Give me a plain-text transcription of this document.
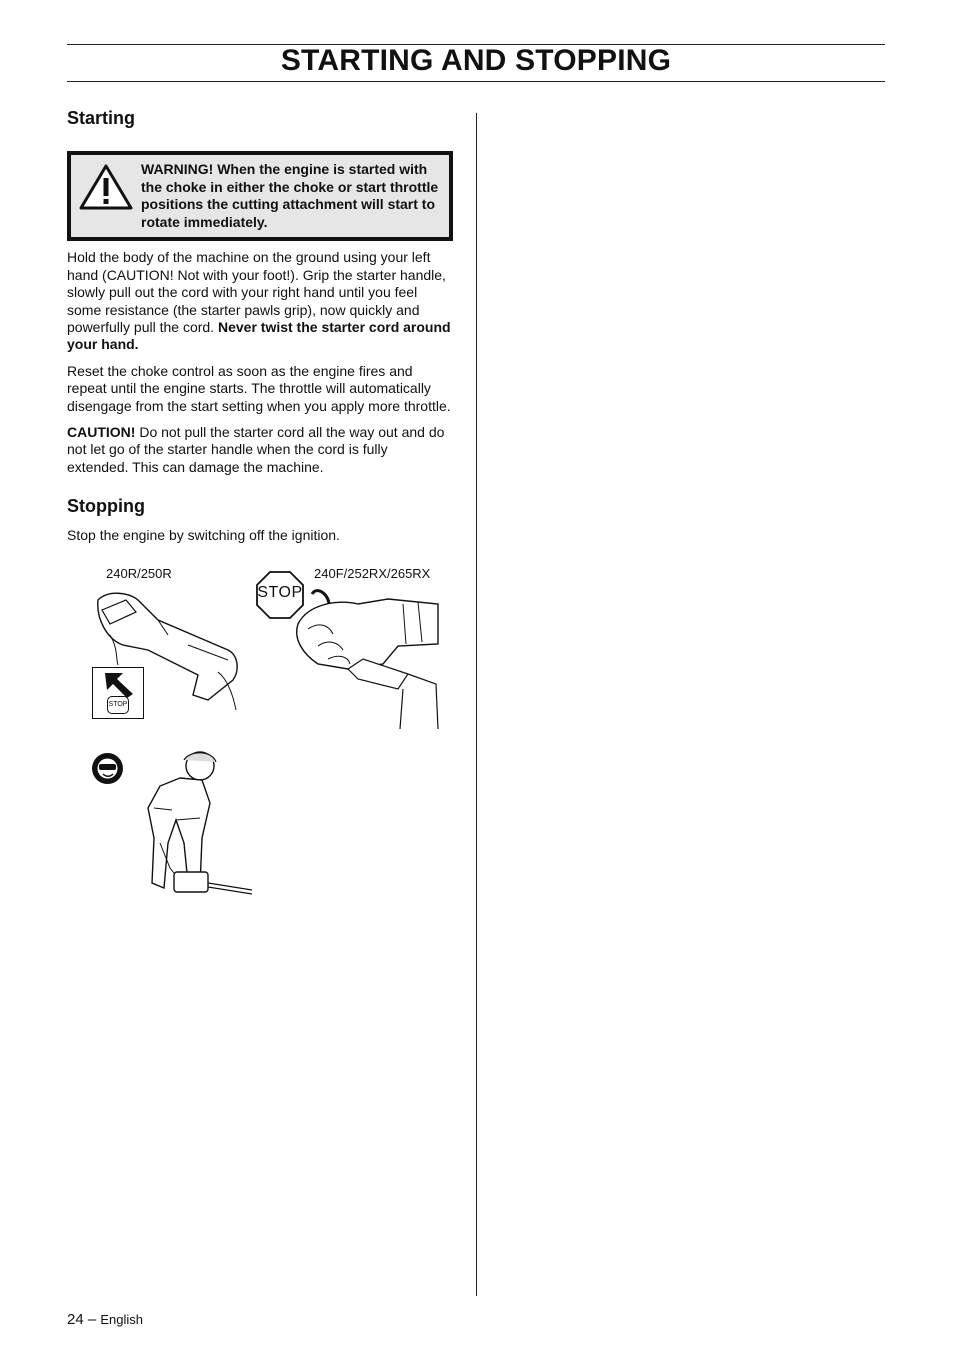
STARTING AND STOPPING
Starting
WARNING! When the engine is started with the choke in either the choke or start throttle positions the cutting attachment will start to rotate immediately.

Hold the body of the machine on the ground using your left hand (CAUTION! Not with your foot!). Grip the starter handle, slowly pull out the cord with your right hand until you feel some resistance (the starter pawls grip), now quickly and powerfully pull the cord. Never twist the starter cord around your hand.

Reset the choke control as soon as the engine fires and repeat until the engine starts. The throttle will automatically disengage from the start setting when you apply more throttle.

CAUTION! Do not pull the starter cord all the way out and do not let go of the starter handle when the cord is fully extended. This can damage the machine.

Stopping

Stop the engine by switching off the ignition.

240R/250R	240F/252RX/265RX
STOP
STOP
24 – English
